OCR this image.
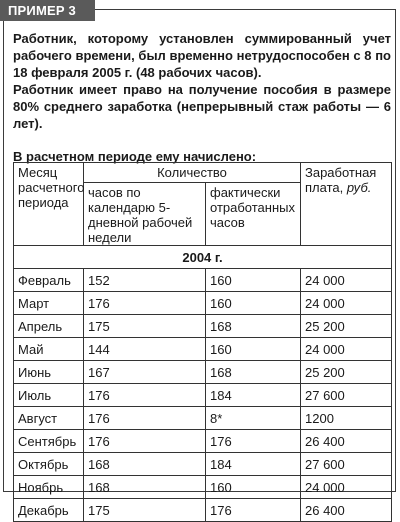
ПРИМЕР 3

Работник, которому установлен суммированный учет рабочего времени, был временно нетрудоспособен с 8 по 18 февраля 2005 г. (48 рабочих часов).

Работник имеет право на получение пособия в размере 80% среднего заработка (непрерывный стаж работы — 6 лет).

В расчетном периоде ему начислено:
Месяц расчетного периода	Количество		Заработная плата, руб.
	часов по календарю 5-дневной рабочей недели	фактически отработанных часов	
2004 г.			
Февраль	152	160	24 000
Март	176	160	24 000
Апрель	175	168	25 200
Май	144	160	24 000
Июнь	167	168	25 200
Июль	176	184	27 600
Август	176	8*	1200
Сентябрь	176	176	26 400
Октябрь	168	184	27 600
Ноябрь	168	160	24 000
Декабрь	175	176	26 400
